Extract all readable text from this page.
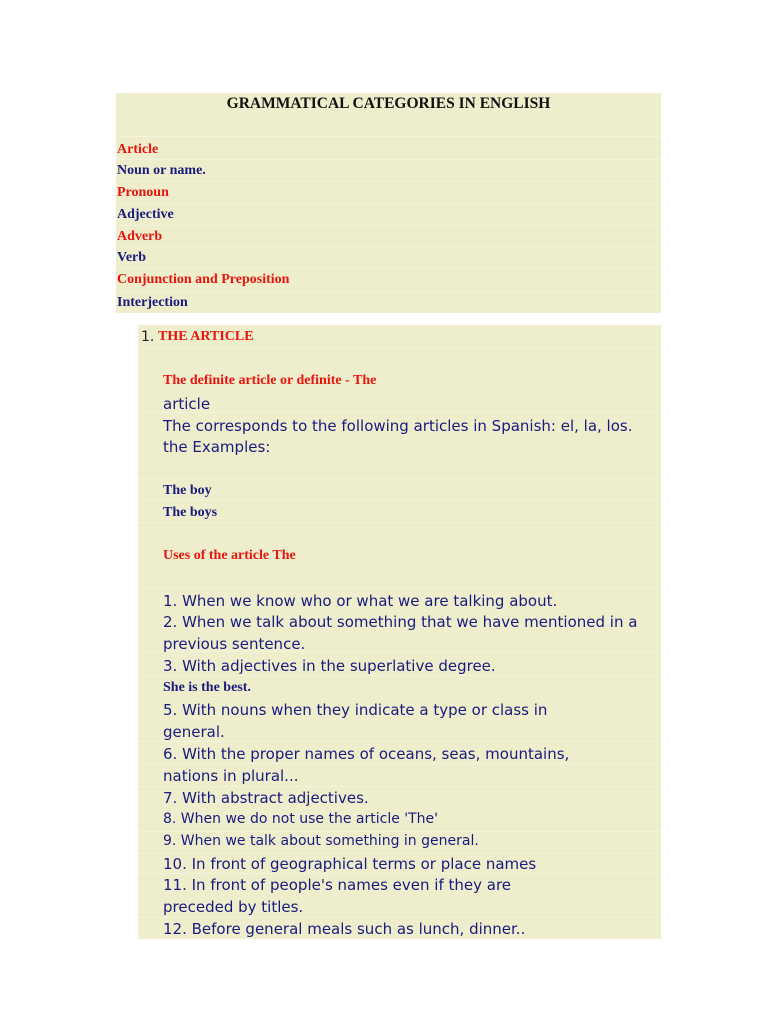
GRAMMATICAL CATEGORIES IN ENGLISH
Article
Noun or name.
Pronoun
Adjective
Adverb
Verb
Conjunction and Preposition
Interjection
1. THE ARTICLE
The definite article or definite - The
article
The corresponds to the following articles in Spanish: el, la, los.
the Examples:
The boy
The boys
Uses of the article The
1. When we know who or what we are talking about.
2. When we talk about something that we have mentioned in a
previous sentence.
3. With adjectives in the superlative degree.
She is the best.
5. With nouns when they indicate a type or class in
general.
6. With the proper names of oceans, seas, mountains,
nations in plural...
7. With abstract adjectives.
8. When we do not use the article 'The'
9. When we talk about something in general.
10. In front of geographical terms or place names
11. In front of people's names even if they are
preceded by titles.
12. Before general meals such as lunch, dinner..
